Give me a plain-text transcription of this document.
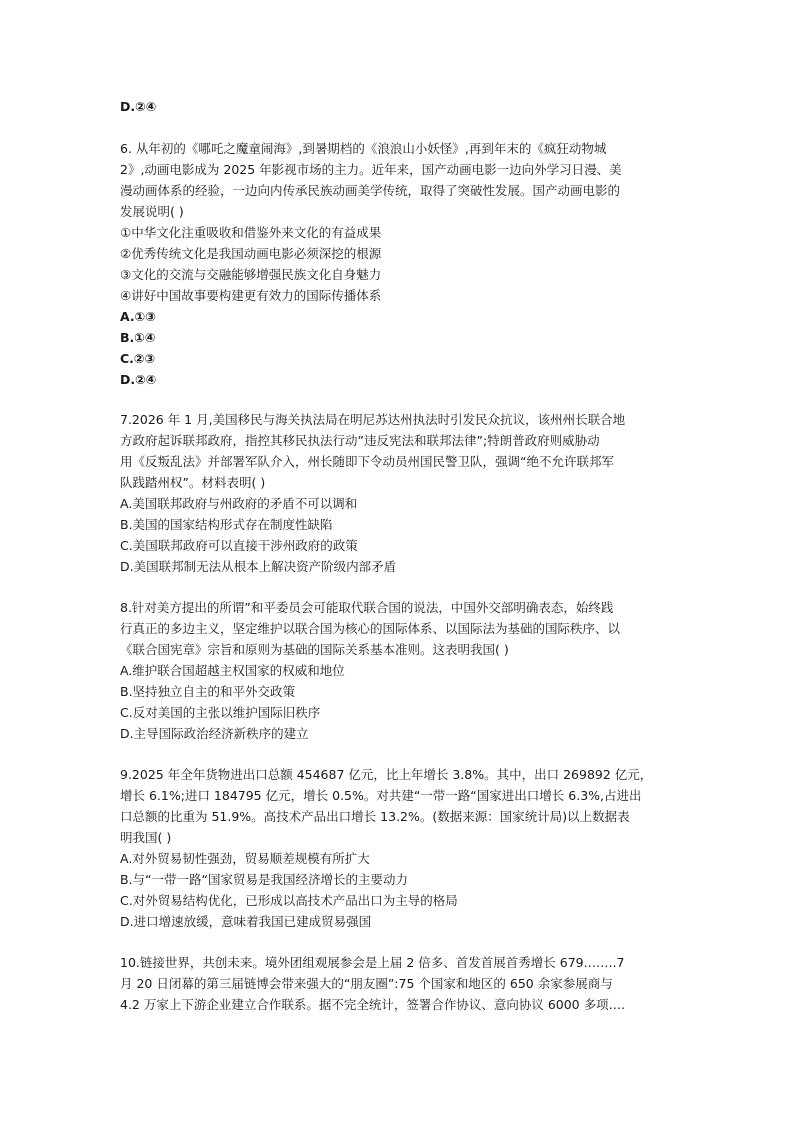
D.②④
6. 从年初的《哪吒之魔童闹海》,到暑期档的《浪浪山小妖怪》,再到年末的《疯狂动物城
2》,动画电影成为 2025 年影视市场的主力。近年来，国产动画电影一边向外学习日漫、美
漫动画体系的经验，一边向内传承民族动画美学传统，取得了突破性发展。国产动画电影的
发展说明( )
①中华文化注重吸收和借鉴外来文化的有益成果
②优秀传统文化是我国动画电影必须深挖的根源
③文化的交流与交融能够增强民族文化自身魅力
④讲好中国故事要构建更有效力的国际传播体系
A.①③
B.①④
C.②③
D.②④
7.2026 年 1 月,美国移民与海关执法局在明尼苏达州执法时引发民众抗议，该州州长联合地
方政府起诉联邦政府，指控其移民执法行动”违反宪法和联邦法律”;特朗普政府则威胁动
用《反叛乱法》并部署军队介入，州长随即下令动员州国民警卫队，强调“绝不允许联邦军
队践踏州权”。材料表明( )
A.美国联邦政府与州政府的矛盾不可以调和
B.美国的国家结构形式存在制度性缺陷
C.美国联邦政府可以直接干涉州政府的政策
D.美国联邦制无法从根本上解决资产阶级内部矛盾
8.针对美方提出的所谓”和平委员会可能取代联合国的说法，中国外交部明确表态，始终践
行真正的多边主义，坚定维护以联合国为核心的国际体系、以国际法为基础的国际秩序、以
《联合国宪章》宗旨和原则为基础的国际关系基本准则。这表明我国( )
A.维护联合国超越主权国家的权威和地位
B.坚持独立自主的和平外交政策
C.反对美国的主张以维护国际旧秩序
D.主导国际政治经济新秩序的建立
9.2025 年全年货物进出口总额 454687 亿元，比上年增长 3.8%。其中，出口 269892 亿元，
增长 6.1%;进口 184795 亿元，增长 0.5%。对共建“一带一路“国家进出口增长 6.3%,占进出
口总额的比重为 51.9%。高技术产品出口增长 13.2%。(数据来源：国家统计局)以上数据表
明我国( )
A.对外贸易韧性强劲，贸易顺差规模有所扩大
B.与“一带一路“国家贸易是我国经济增长的主要动力
C.对外贸易结构优化，已形成以高技术产品出口为主导的格局
D.进口增速放缓，意味着我国已建成贸易强国
10.链接世界，共创未来。境外团组观展参会是上届 2 倍多、首发首展首秀增长 679.…….7
月 20 日闭幕的第三届链博会带来强大的“朋友圈”:75 个国家和地区的 650 余家参展商与
4.2 万家上下游企业建立合作联系。据不完全统计，签署合作协议、意向协议 6000 多项….
